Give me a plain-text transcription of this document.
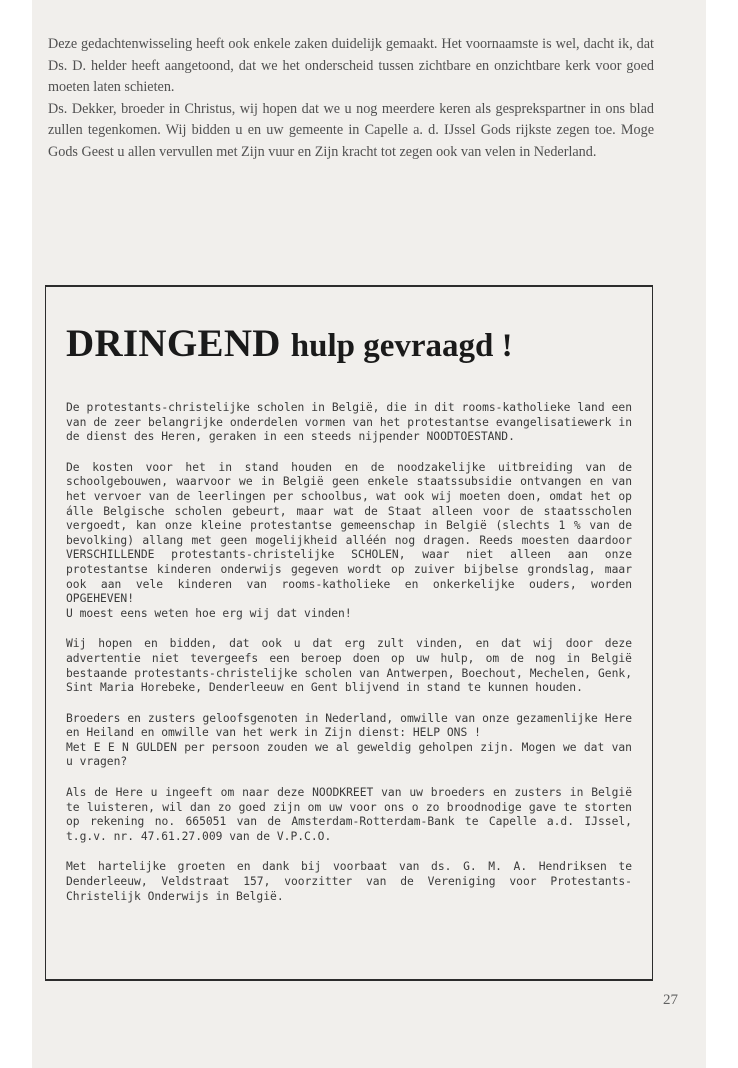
Deze gedachtenwisseling heeft ook enkele zaken duidelijk gemaakt. Het voornaamste is wel, dacht ik, dat Ds. D. helder heeft aangetoond, dat we het onderscheid tussen zichtbare en onzichtbare kerk voor goed moeten laten schieten.

Ds. Dekker, broeder in Christus, wij hopen dat we u nog meerdere keren als gesprekspartner in ons blad zullen tegenkomen. Wij bidden u en uw gemeente in Capelle a. d. IJssel Gods rijkste zegen toe. Moge Gods Geest u allen vervullen met Zijn vuur en Zijn kracht tot zegen ook van velen in Nederland.

DRINGEND hulp gevraagd !

De protestants-christelijke scholen in België, die in dit rooms-katholieke land een van de zeer belangrijke onderdelen vormen van het protestantse evangelisatiewerk in de dienst des Heren, geraken in een steeds nijpender NOODTOESTAND.

De kosten voor het in stand houden en de noodzakelijke uitbreiding van de schoolgebouwen, waarvoor we in België geen enkele staatssubsidie ontvangen en van het vervoer van de leerlingen per schoolbus, wat ook wij moeten doen, omdat het op álle Belgische scholen gebeurt, maar wat de Staat alleen voor de staatsscholen vergoedt, kan onze kleine protestantse gemeenschap in België (slechts 1 % van de bevolking) allang met geen mogelijkheid alléén nog dragen. Reeds moesten daardoor VERSCHILLENDE protestants-christelijke SCHOLEN, waar niet alleen aan onze protestantse kinderen onderwijs gegeven wordt op zuiver bijbelse grondslag, maar ook aan vele kinderen van rooms-katholieke en onkerkelijke ouders, worden OPGEHEVEN!

U moest eens weten hoe erg wij dat vinden!

Wij hopen en bidden, dat ook u dat erg zult vinden, en dat wij door deze advertentie niet tevergeefs een beroep doen op uw hulp, om de nog in België bestaande protestants-christelijke scholen van Antwerpen, Boechout, Mechelen, Genk, Sint Maria Horebeke, Denderleeuw en Gent blijvend in stand te kunnen houden.

Broeders en zusters geloofsgenoten in Nederland, omwille van onze gezamenlijke Here en Heiland en omwille van het werk in Zijn dienst: HELP ONS !

Met E E N GULDEN per persoon zouden we al geweldig geholpen zijn. Mogen we dat van u vragen?

Als de Here u ingeeft om naar deze NOODKREET van uw broeders en zusters in België te luisteren, wil dan zo goed zijn om uw voor ons o zo broodnodige gave te storten op rekening no. 665051 van de Amsterdam-Rotterdam-Bank te Capelle a.d. IJssel, t.g.v. nr. 47.61.27.009 van de V.P.C.O.

Met hartelijke groeten en dank bij voorbaat van ds. G. M. A. Hendriksen te Denderleeuw, Veldstraat 157, voorzitter van de Vereniging voor Protestants-Christelijk Onderwijs in België.

27
